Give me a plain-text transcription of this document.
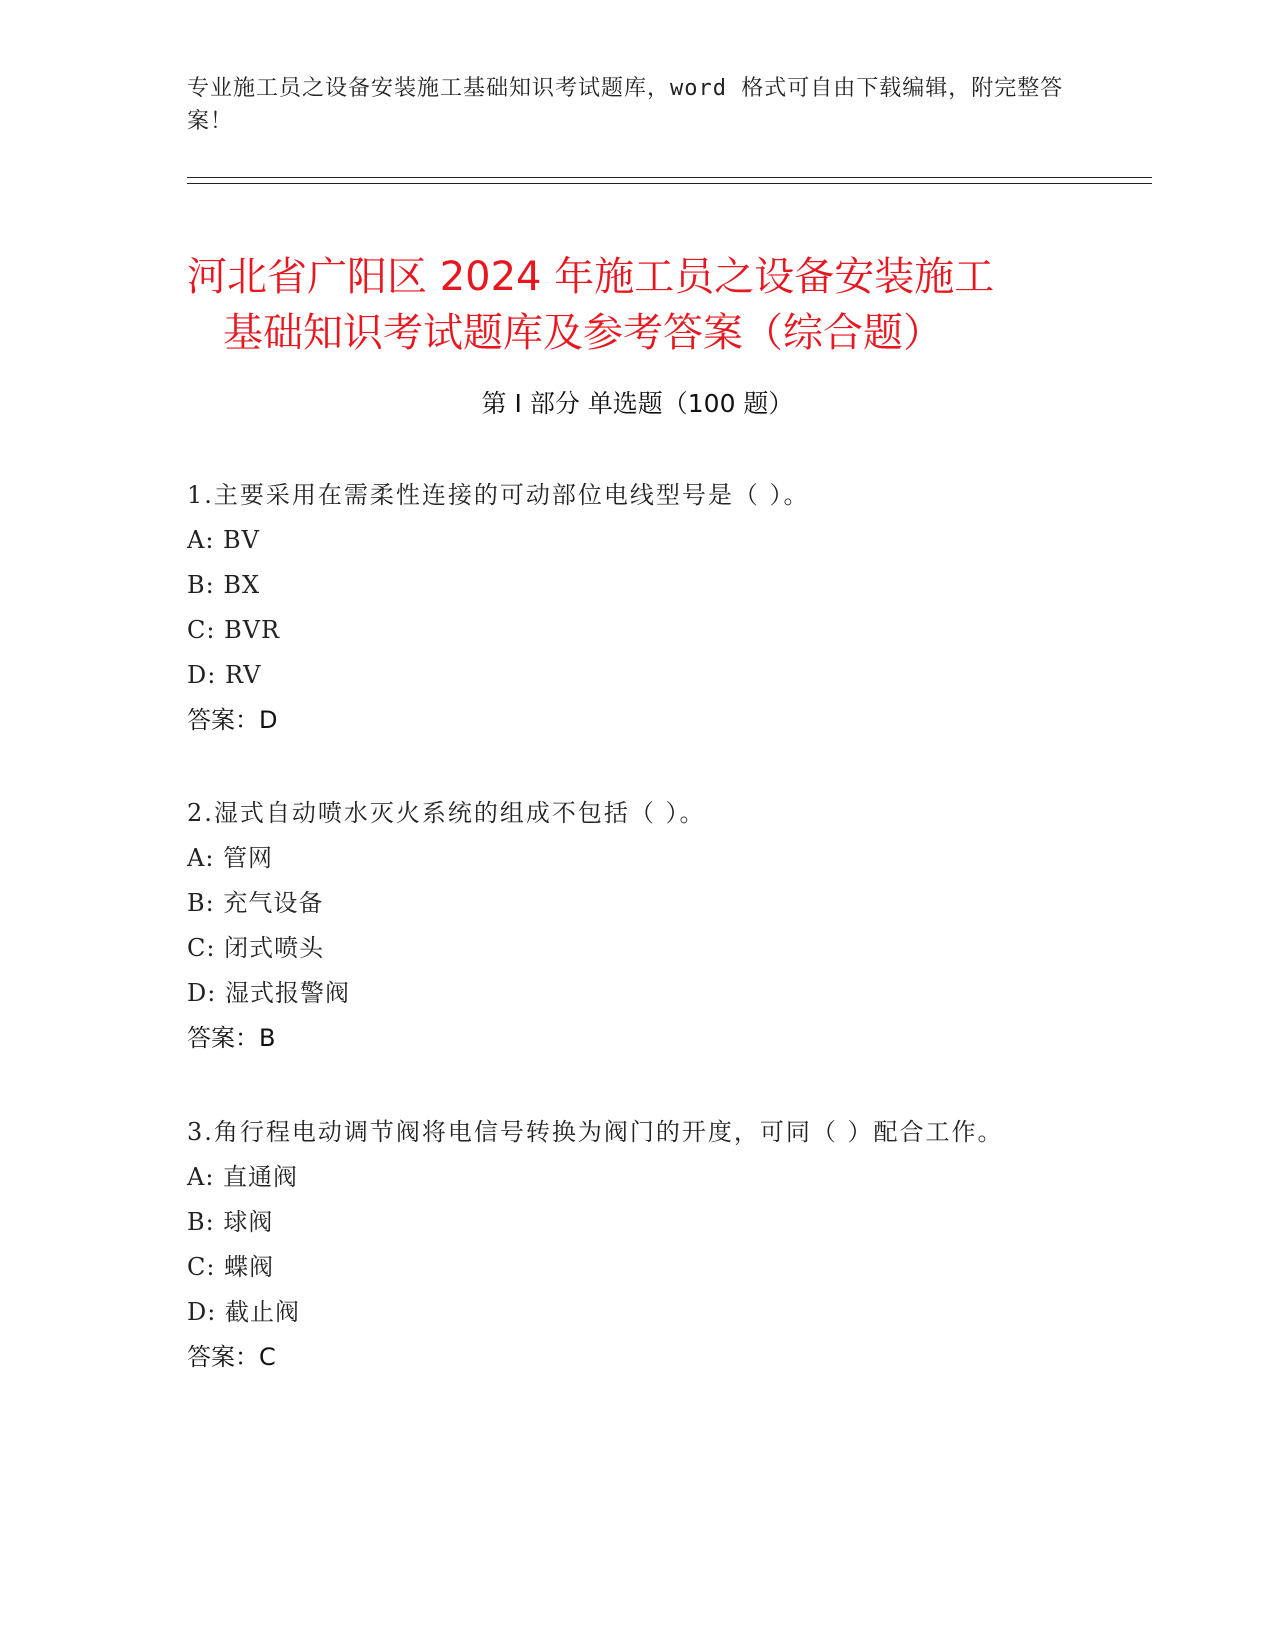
专业施工员之设备安装施工基础知识考试题库，word 格式可自由下载编辑，附完整答案！
河北省广阳区 2024 年施工员之设备安装施工
基础知识考试题库及参考答案（综合题）
第 I 部分 单选题（100 题）

1.主要采用在需柔性连接的可动部位电线型号是（ ）。

A: BV

B: BX

C: BVR

D: RV

答案：D

2.湿式自动喷水灭火系统的组成不包括（ ）。

A: 管网

B: 充气设备

C: 闭式喷头

D: 湿式报警阀

答案：B

3.角行程电动调节阀将电信号转换为阀门的开度，可同（ ）配合工作。

A: 直通阀

B: 球阀

C: 蝶阀

D: 截止阀

答案：C
